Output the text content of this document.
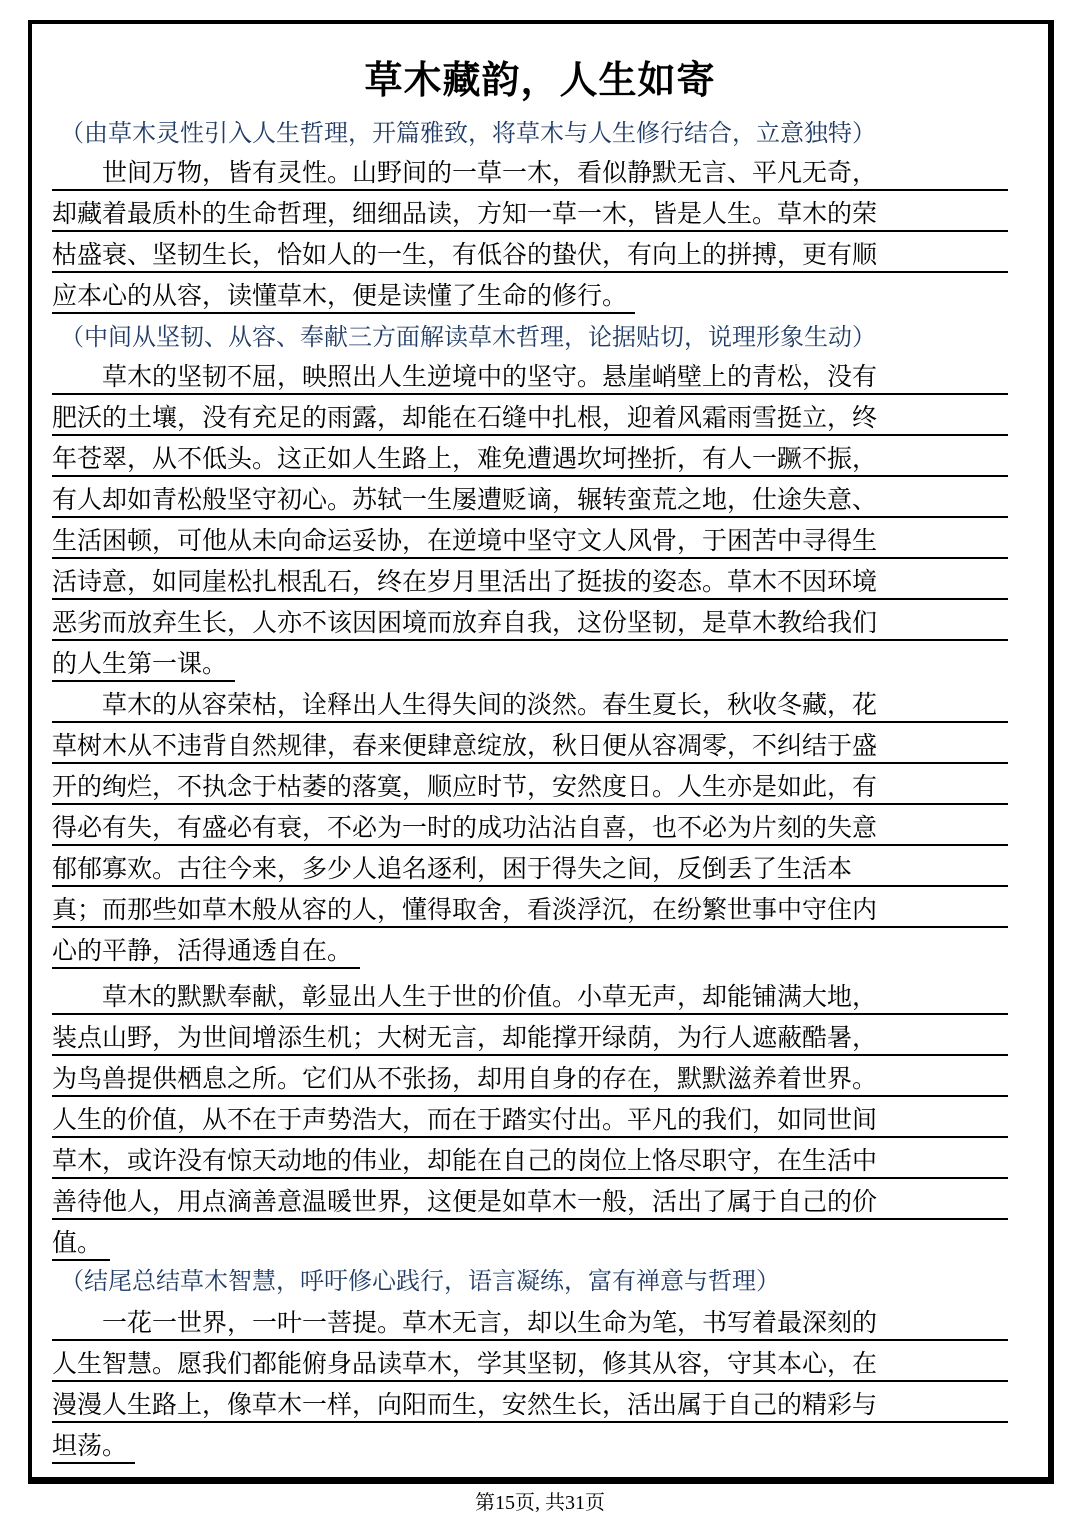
草木藏韵，人生如寄
（由草木灵性引入人生哲理，开篇雅致，将草木与人生修行结合，立意独特）
　　世间万物，皆有灵性。山野间的一草一木，看似静默无言、平凡无奇，
却藏着最质朴的生命哲理，细细品读，方知一草一木，皆是人生。草木的荣
枯盛衰、坚韧生长，恰如人的一生，有低谷的蛰伏，有向上的拼搏，更有顺
应本心的从容，读懂草木，便是读懂了生命的修行。
（中间从坚韧、从容、奉献三方面解读草木哲理，论据贴切，说理形象生动）
　　草木的坚韧不屈，映照出人生逆境中的坚守。悬崖峭壁上的青松，没有
肥沃的土壤，没有充足的雨露，却能在石缝中扎根，迎着风霜雨雪挺立，终
年苍翠，从不低头。这正如人生路上，难免遭遇坎坷挫折，有人一蹶不振，
有人却如青松般坚守初心。苏轼一生屡遭贬谪，辗转蛮荒之地，仕途失意、
生活困顿，可他从未向命运妥协，在逆境中坚守文人风骨，于困苦中寻得生
活诗意，如同崖松扎根乱石，终在岁月里活出了挺拔的姿态。草木不因环境
恶劣而放弃生长，人亦不该因困境而放弃自我，这份坚韧，是草木教给我们
的人生第一课。
　　草木的从容荣枯，诠释出人生得失间的淡然。春生夏长，秋收冬藏，花
草树木从不违背自然规律，春来便肆意绽放，秋日便从容凋零，不纠结于盛
开的绚烂，不执念于枯萎的落寞，顺应时节，安然度日。人生亦是如此，有
得必有失，有盛必有衰，不必为一时的成功沾沾自喜，也不必为片刻的失意
郁郁寡欢。古往今来，多少人追名逐利，困于得失之间，反倒丢了生活本
真；而那些如草木般从容的人，懂得取舍，看淡浮沉，在纷繁世事中守住内
心的平静，活得通透自在。
　　草木的默默奉献，彰显出人生于世的价值。小草无声，却能铺满大地，
装点山野，为世间增添生机；大树无言，却能撑开绿荫，为行人遮蔽酷暑，
为鸟兽提供栖息之所。它们从不张扬，却用自身的存在，默默滋养着世界。
人生的价值，从不在于声势浩大，而在于踏实付出。平凡的我们，如同世间
草木，或许没有惊天动地的伟业，却能在自己的岗位上恪尽职守，在生活中
善待他人，用点滴善意温暖世界，这便是如草木一般，活出了属于自己的价
值。
（结尾总结草木智慧，呼吁修心践行，语言凝练，富有禅意与哲理）
　　一花一世界，一叶一菩提。草木无言，却以生命为笔，书写着最深刻的
人生智慧。愿我们都能俯身品读草木，学其坚韧，修其从容，守其本心，在
漫漫人生路上，像草木一样，向阳而生，安然生长，活出属于自己的精彩与
坦荡。
第15页, 共31页
